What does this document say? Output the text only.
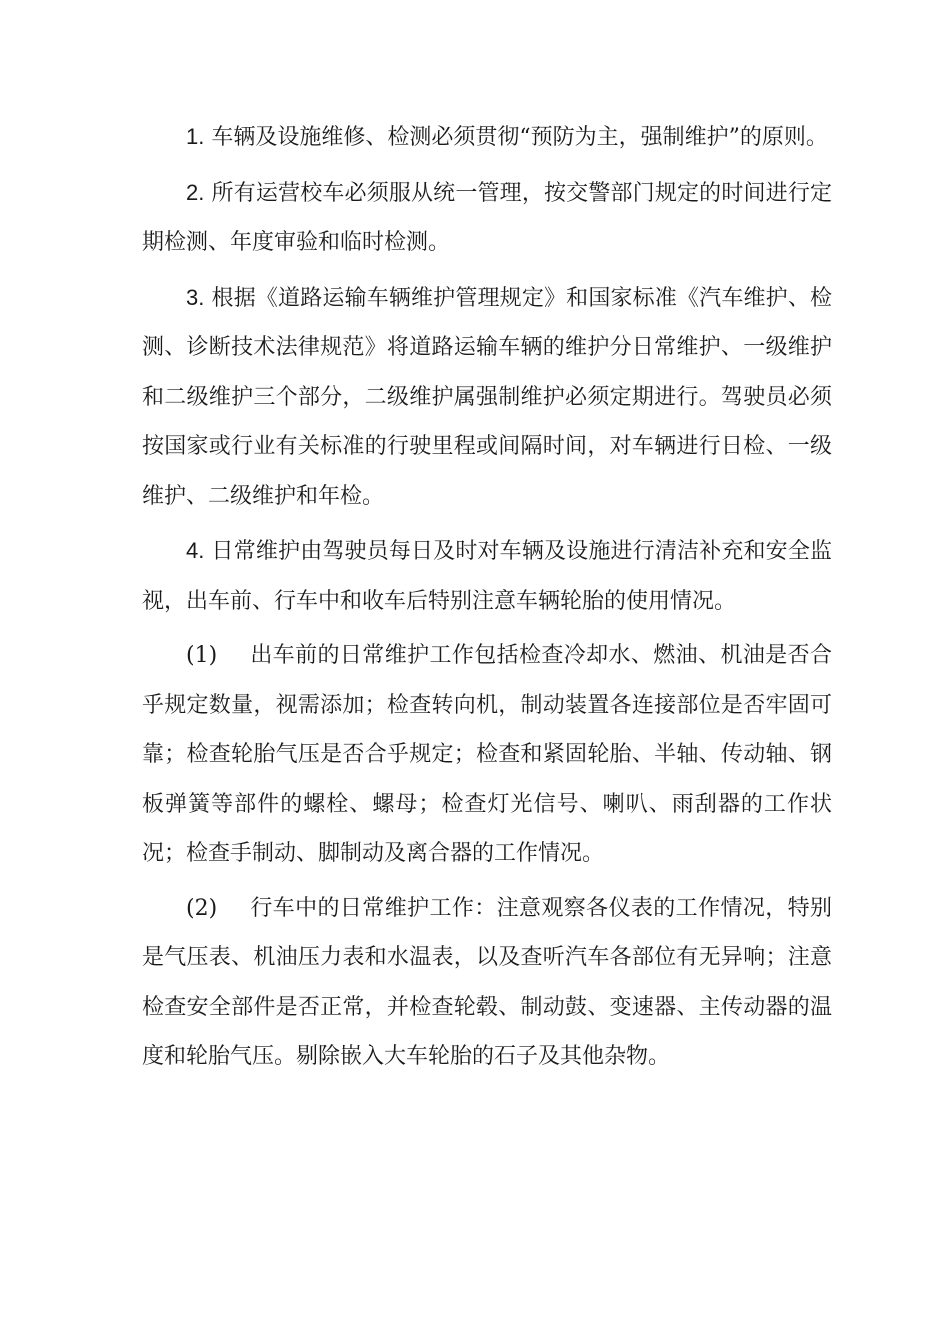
1. 车辆及设施维修、检测必须贯彻“预防为主，强制维护”的原则。

2. 所有运营校车必须服从统一管理，按交警部门规定的时间进行定期检测、年度审验和临时检测。

3. 根据《道路运输车辆维护管理规定》和国家标准《汽车维护、检测、诊断技术法律规范》将道路运输车辆的维护分日常维护、一级维护和二级维护三个部分，二级维护属强制维护必须定期进行。驾驶员必须按国家或行业有关标准的行驶里程或间隔时间，对车辆进行日检、一级维护、二级维护和年检。

4. 日常维护由驾驶员每日及时对车辆及设施进行清洁补充和安全监视，出车前、行车中和收车后特别注意车辆轮胎的使用情况。

(1) 出车前的日常维护工作包括检查冷却水、燃油、机油是否合乎规定数量，视需添加；检查转向机，制动装置各连接部位是否牢固可靠；检查轮胎气压是否合乎规定；检查和紧固轮胎、半轴、传动轴、钢板弹簧等部件的螺栓、螺母；检查灯光信号、喇叭、雨刮器的工作状况；检查手制动、脚制动及离合器的工作情况。

(2) 行车中的日常维护工作：注意观察各仪表的工作情况，特别是气压表、机油压力表和水温表，以及查听汽车各部位有无异响；注意检查安全部件是否正常，并检查轮毂、制动鼓、变速器、主传动器的温度和轮胎气压。剔除嵌入大车轮胎的石子及其他杂物。
